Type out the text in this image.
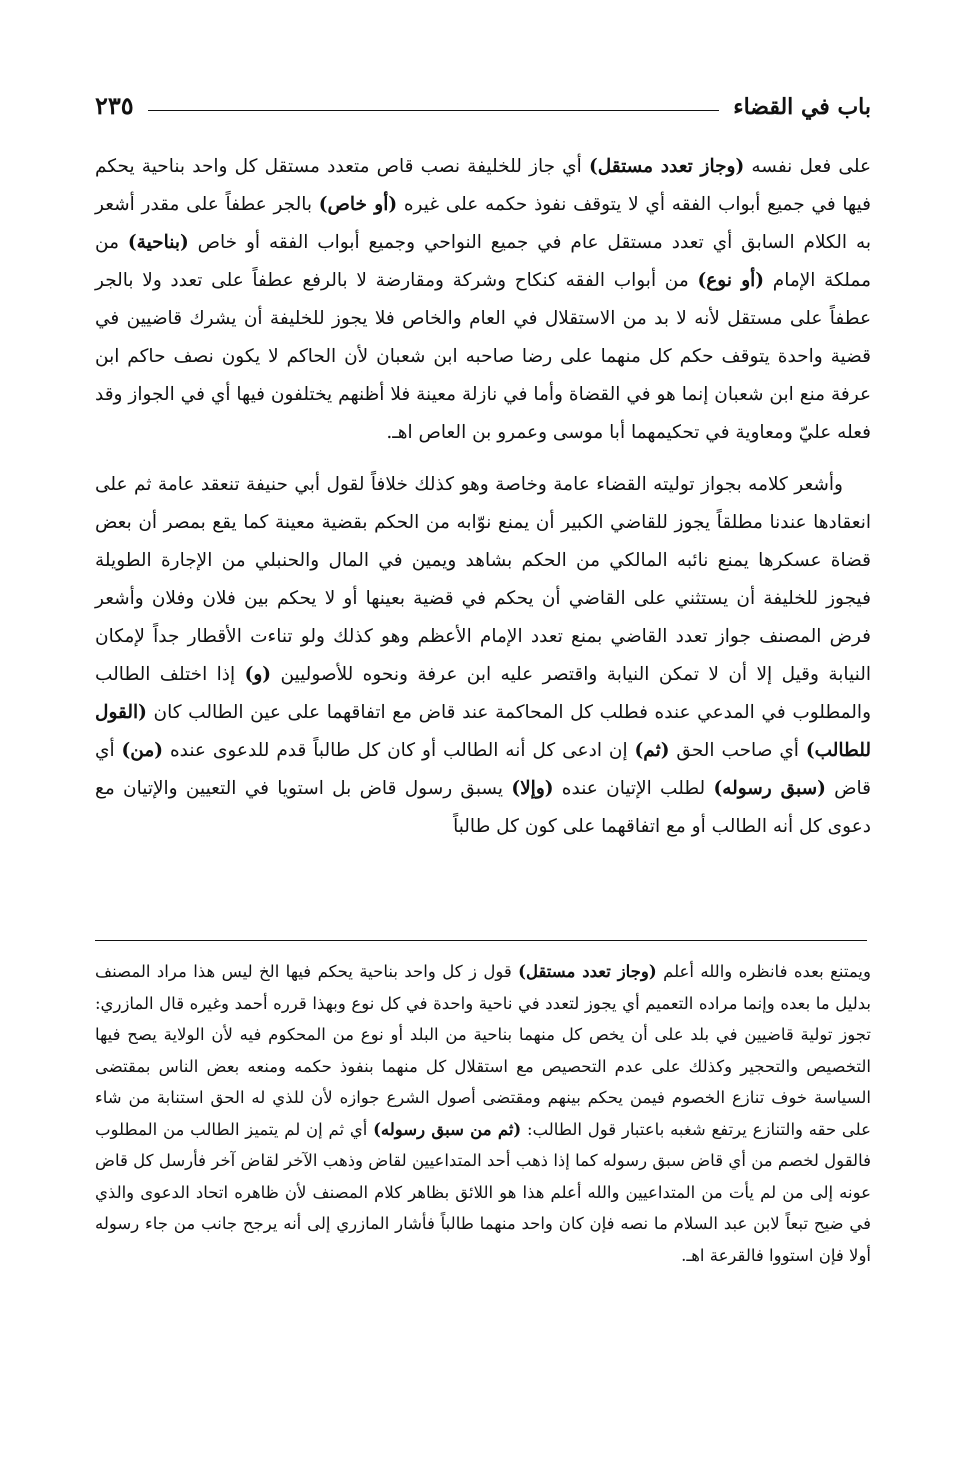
باب في القضاء
٢٣٥

على فعل نفسه (وجاز تعدد مستقل) أي جاز للخليفة نصب قاص متعدد مستقل كل واحد بناحية يحكم فيها في جميع أبواب الفقه أي لا يتوقف نفوذ حكمه على غيره (أو خاص) بالجر عطفاً على مقدر أشعر به الكلام السابق أي تعدد مستقل عام في جميع النواحي وجميع أبواب الفقه أو خاص (بناحية) من مملكة الإمام (أو نوع) من أبواب الفقه كنكاح وشركة ومقارضة لا بالرفع عطفاً على تعدد ولا بالجر عطفاً على مستقل لأنه لا بد من الاستقلال في العام والخاص فلا يجوز للخليفة أن يشرك قاضيين في قضية واحدة يتوقف حكم كل منهما على رضا صاحبه ابن شعبان لأن الحاكم لا يكون نصف حاكم ابن عرفة منع ابن شعبان إنما هو في القضاة وأما في نازلة معينة فلا أظنهم يختلفون فيها أي في الجواز وقد فعله عليّ ومعاوية في تحكيمهما أبا موسى وعمرو بن العاص اهـ.

وأشعر كلامه بجواز توليته القضاء عامة وخاصة وهو كذلك خلافاً لقول أبي حنيفة تنعقد عامة ثم على انعقادها عندنا مطلقاً يجوز للقاضي الكبير أن يمنع نوّابه من الحكم بقضية معينة كما يقع بمصر أن بعض قضاة عسكرها يمنع نائبه المالكي من الحكم بشاهد ويمين في المال والحنبلي من الإجارة الطويلة فيجوز للخليفة أن يستثني على القاضي أن يحكم في قضية بعينها أو لا يحكم بين فلان وفلان وأشعر فرض المصنف جواز تعدد القاضي بمنع تعدد الإمام الأعظم وهو كذلك ولو تناءت الأقطار جداً لإمكان النيابة وقيل إلا أن لا تمكن النيابة واقتصر عليه ابن عرفة ونحوه للأصوليين (و) إذا اختلف الطالب والمطلوب في المدعي عنده فطلب كل المحاكمة عند قاض مع اتفاقهما على عين الطالب كان (القول للطالب) أي صاحب الحق (ثم) إن ادعى كل أنه الطالب أو كان كل طالباً قدم للدعوى عنده (من) أي قاض (سبق رسوله) لطلب الإتيان عنده (وإلا) يسبق رسول قاض بل استويا في التعيين والإتيان مع دعوى كل أنه الطالب أو مع اتفاقهما على كون كل طالباً

ويمتنع بعده فانظره والله أعلم (وجاز تعدد مستقل) قول ز كل واحد بناحية يحكم فيها الخ ليس هذا مراد المصنف بدليل ما بعده وإنما مراده التعميم أي يجوز لتعدد في ناحية واحدة في كل نوع وبهذا قرره أحمد وغيره قال المازري: تجوز تولية قاضيين في بلد على أن يخص كل منهما بناحية من البلد أو نوع من المحكوم فيه لأن الولاية يصح فيها التخصيص والتحجير وكذلك على عدم التحصيص مع استقلال كل منهما بنفوذ حكمه ومنعه بعض الناس بمقتضى السياسة خوف تنازع الخصوم فيمن يحكم بينهم ومقتضى أصول الشرع جوازه لأن للذي له الحق استنابة من شاء على حقه والتنازع يرتفع شغبه باعتبار قول الطالب: (ثم من سبق رسوله) أي ثم إن لم يتميز الطالب من المطلوب فالقول لخصم من أي قاض سبق رسوله كما إذا ذهب أحد المتداعيين لقاض وذهب الآخر لقاض آخر فأرسل كل قاض عونه إلى من لم يأت من المتداعيين والله أعلم هذا هو اللائق بظاهر كلام المصنف لأن ظاهره اتحاد الدعوى والذي في ضيح تبعاً لابن عبد السلام ما نصه فإن كان واحد منهما طالباً فأشار المازري إلى أنه يرجح جانب من جاء رسوله أولا فإن استووا فالقرعة اهـ.
